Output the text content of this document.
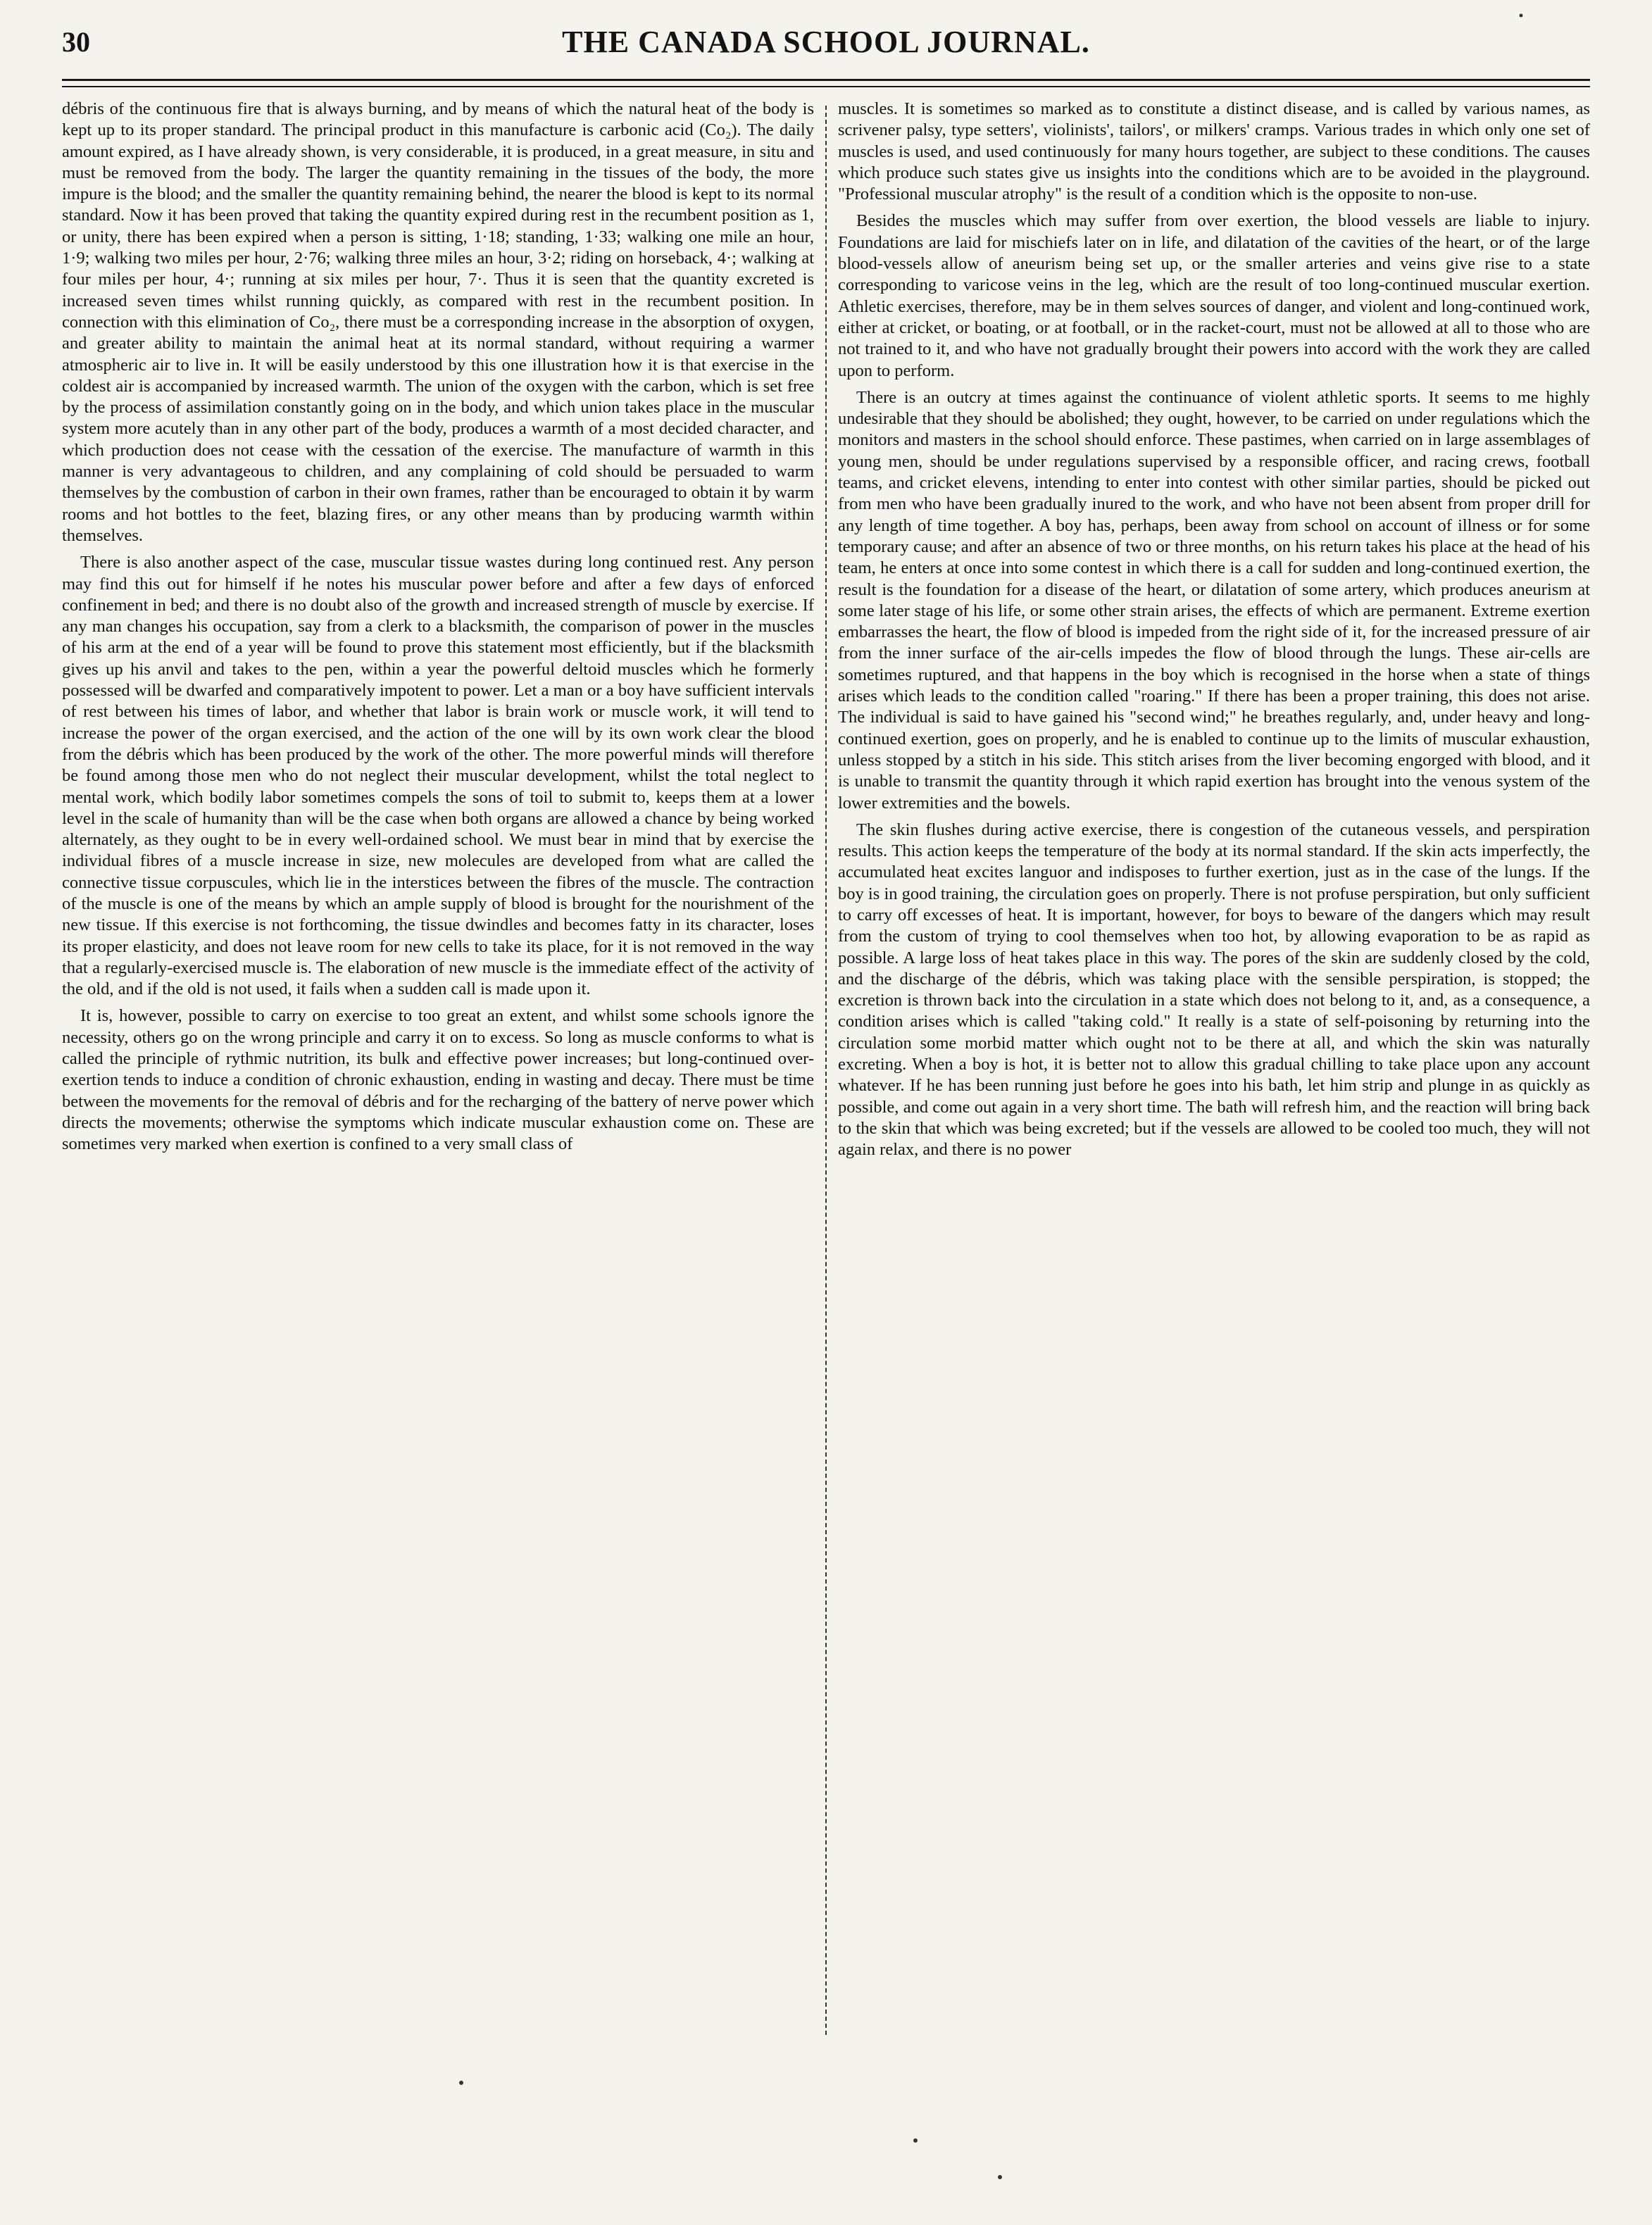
30	THE CANADA SCHOOL JOURNAL.

débris of the continuous fire that is always burning, and by means of which the natural heat of the body is kept up to its proper standard. The principal product in this manufacture is carbonic acid (Co₂). The daily amount expired, as I have already shown, is very considerable, it is produced, in a great measure, in situ and must be removed from the body. The larger the quantity remaining in the tissues of the body, the more impure is the blood; and the smaller the quantity remaining behind, the nearer the blood is kept to its normal standard. Now it has been proved that taking the quantity expired during rest in the recumbent position as 1, or unity, there has been expired when a person is sitting, 1·18; standing, 1·33; walking one mile an hour, 1·9; walking two miles per hour, 2·76; walking three miles an hour, 3·2; riding on horseback, 4·; walking at four miles per hour, 4·; running at six miles per hour, 7·. Thus it is seen that the quantity excreted is increased seven times whilst running quickly, as compared with rest in the recumbent position. In connection with this elimination of Co₂, there must be a corresponding increase in the absorption of oxygen, and greater ability to maintain the animal heat at its normal standard, without requiring a warmer atmospheric air to live in. It will be easily understood by this one illustration how it is that exercise in the coldest air is accompanied by increased warmth. The union of the oxygen with the carbon, which is set free by the process of assimilation constantly going on in the body, and which union takes place in the muscular system more acutely than in any other part of the body, produces a warmth of a most decided character, and which production does not cease with the cessation of the exercise. The manufacture of warmth in this manner is very advantageous to children, and any complaining of cold should be persuaded to warm themselves by the combustion of carbon in their own frames, rather than be encouraged to obtain it by warm rooms and hot bottles to the feet, blazing fires, or any other means than by producing warmth within themselves.

There is also another aspect of the case, muscular tissue wastes during long continued rest. Any person may find this out for himself if he notes his muscular power before and after a few days of enforced confinement in bed; and there is no doubt also of the growth and increased strength of muscle by exercise. If any man changes his occupation, say from a clerk to a blacksmith, the comparison of power in the muscles of his arm at the end of a year will be found to prove this statement most efficiently, but if the blacksmith gives up his anvil and takes to the pen, within a year the powerful deltoid muscles which he formerly possessed will be dwarfed and comparatively impotent to power. Let a man or a boy have sufficient intervals of rest between his times of labor, and whether that labor is brain work or muscle work, it will tend to increase the power of the organ exercised, and the action of the one will by its own work clear the blood from the débris which has been produced by the work of the other. The more powerful minds will therefore be found among those men who do not neglect their muscular development, whilst the total neglect to mental work, which bodily labor sometimes compels the sons of toil to submit to, keeps them at a lower level in the scale of humanity than will be the case when both organs are allowed a chance by being worked alternately, as they ought to be in every well-ordained school. We must bear in mind that by exercise the individual fibres of a muscle increase in size, new molecules are developed from what are called the connective tissue corpuscules, which lie in the interstices between the fibres of the muscle. The contraction of the muscle is one of the means by which an ample supply of blood is brought for the nourishment of the new tissue. If this exercise is not forthcoming, the tissue dwindles and becomes fatty in its character, loses its proper elasticity, and does not leave room for new cells to take its place, for it is not removed in the way that a regularly-exercised muscle is. The elaboration of new muscle is the immediate effect of the activity of the old, and if the old is not used, it fails when a sudden call is made upon it.

It is, however, possible to carry on exercise to too great an extent, and whilst some schools ignore the necessity, others go on the wrong principle and carry it on to excess. So long as muscle conforms to what is called the principle of rythmic nutrition, its bulk and effective power increases; but long-continued over-exertion tends to induce a condition of chronic exhaustion, ending in wasting and decay. There must be time between the movements for the removal of débris and for the recharging of the battery of nerve power which directs the movements; otherwise the symptoms which indicate muscular exhaustion come on. These are sometimes very marked when exertion is confined to a very small class of

muscles. It is sometimes so marked as to constitute a distinct disease, and is called by various names, as scrivener palsy, type setters', violinists', tailors', or milkers' cramps. Various trades in which only one set of muscles is used, and used continuously for many hours together, are subject to these conditions. The causes which produce such states give us insights into the conditions which are to be avoided in the playground. "Professional muscular atrophy" is the result of a condition which is the opposite to non-use.

Besides the muscles which may suffer from over exertion, the blood vessels are liable to injury. Foundations are laid for mischiefs later on in life, and dilatation of the cavities of the heart, or of the large blood-vessels allow of aneurism being set up, or the smaller arteries and veins give rise to a state corresponding to varicose veins in the leg, which are the result of too long-continued muscular exertion. Athletic exercises, therefore, may be in them selves sources of danger, and violent and long-continued work, either at cricket, or boating, or at football, or in the racket-court, must not be allowed at all to those who are not trained to it, and who have not gradually brought their powers into accord with the work they are called upon to perform.

There is an outcry at times against the continuance of violent athletic sports. It seems to me highly undesirable that they should be abolished; they ought, however, to be carried on under regulations which the monitors and masters in the school should enforce. These pastimes, when carried on in large assemblages of young men, should be under regulations supervised by a responsible officer, and racing crews, football teams, and cricket elevens, intending to enter into contest with other similar parties, should be picked out from men who have been gradually inured to the work, and who have not been absent from proper drill for any length of time together. A boy has, perhaps, been away from school on account of illness or for some temporary cause; and after an absence of two or three months, on his return takes his place at the head of his team, he enters at once into some contest in which there is a call for sudden and long-continued exertion, the result is the foundation for a disease of the heart, or dilatation of some artery, which produces aneurism at some later stage of his life, or some other strain arises, the effects of which are permanent. Extreme exertion embarrasses the heart, the flow of blood is impeded from the right side of it, for the increased pressure of air from the inner surface of the air-cells impedes the flow of blood through the lungs. These air-cells are sometimes ruptured, and that happens in the boy which is recognised in the horse when a state of things arises which leads to the condition called "roaring." If there has been a proper training, this does not arise. The individual is said to have gained his "second wind;" he breathes regularly, and, under heavy and long-continued exertion, goes on properly, and he is enabled to continue up to the limits of muscular exhaustion, unless stopped by a stitch in his side. This stitch arises from the liver becoming engorged with blood, and it is unable to transmit the quantity through it which rapid exertion has brought into the venous system of the lower extremities and the bowels.

The skin flushes during active exercise, there is congestion of the cutaneous vessels, and perspiration results. This action keeps the temperature of the body at its normal standard. If the skin acts imperfectly, the accumulated heat excites languor and indisposes to further exertion, just as in the case of the lungs. If the boy is in good training, the circulation goes on properly. There is not profuse perspiration, but only sufficient to carry off excesses of heat. It is important, however, for boys to beware of the dangers which may result from the custom of trying to cool themselves when too hot, by allowing evaporation to be as rapid as possible. A large loss of heat takes place in this way. The pores of the skin are suddenly closed by the cold, and the discharge of the débris, which was taking place with the sensible perspiration, is stopped; the excretion is thrown back into the circulation in a state which does not belong to it, and, as a consequence, a condition arises which is called "taking cold." It really is a state of self-poisoning by returning into the circulation some morbid matter which ought not to be there at all, and which the skin was naturally excreting. When a boy is hot, it is better not to allow this gradual chilling to take place upon any account whatever. If he has been running just before he goes into his bath, let him strip and plunge in as quickly as possible, and come out again in a very short time. The bath will refresh him, and the reaction will bring back to the skin that which was being excreted; but if the vessels are allowed to be cooled too much, they will not again relax, and there is no power
